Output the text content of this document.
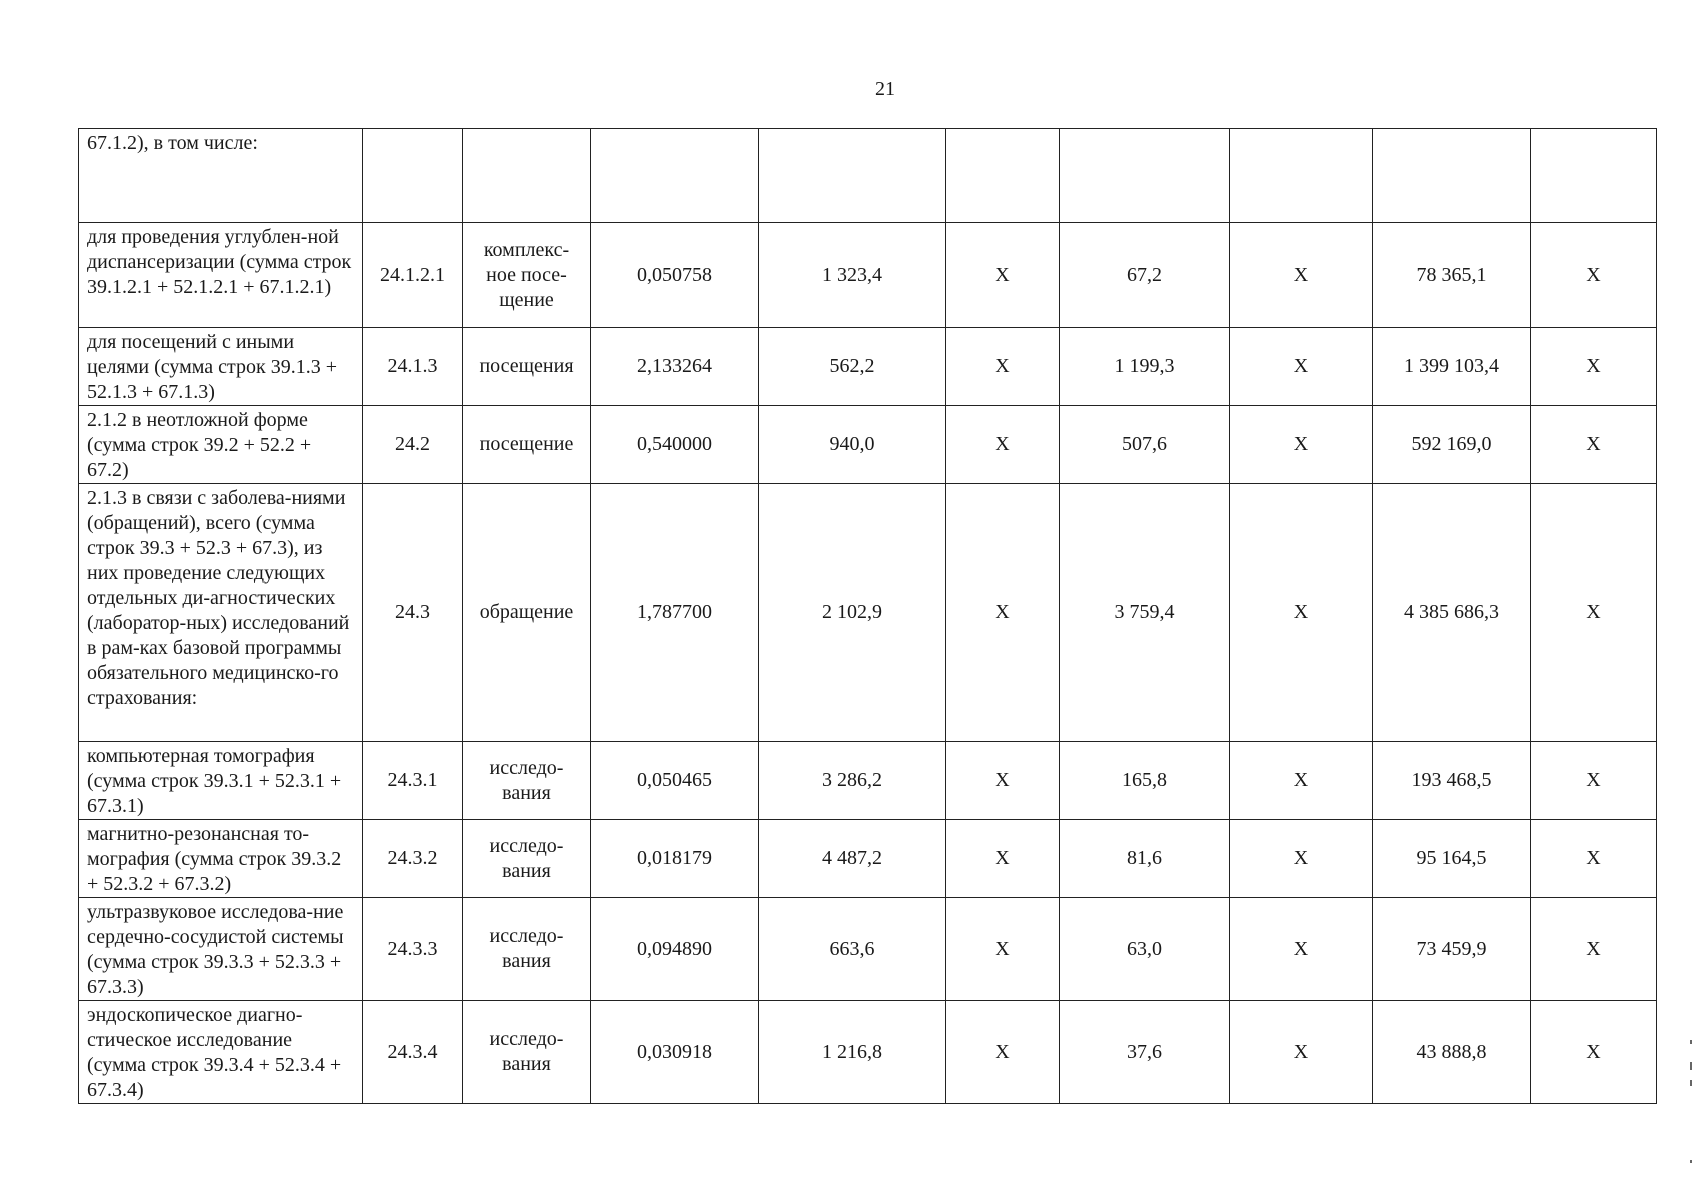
21
67.1.2), в том числе:									
для проведения углублен-ной диспансеризации (сумма строк 39.1.2.1 + 52.1.2.1 + 67.1.2.1)	24.1.2.1	комплекс-ное посе-щение	0,050758	1 323,4	Х	67,2	Х	78 365,1	Х
для посещений с иными целями (сумма строк 39.1.3 + 52.1.3 + 67.1.3)	24.1.3	посещения	2,133264	562,2	Х	1 199,3	Х	1 399 103,4	Х
2.1.2 в неотложной форме (сумма строк 39.2 + 52.2 + 67.2)	24.2	посещение	0,540000	940,0	Х	507,6	Х	592 169,0	Х
2.1.3 в связи с заболева-ниями (обращений), всего (сумма строк 39.3 + 52.3 + 67.3), из них проведение следующих отдельных ди-агностических (лаборатор-ных) исследований в рам-ках базовой программы обязательного медицинско-го страхования:	24.3	обращение	1,787700	2 102,9	Х	3 759,4	Х	4 385 686,3	Х
компьютерная томография (сумма строк 39.3.1 + 52.3.1 + 67.3.1)	24.3.1	исследо-вания	0,050465	3 286,2	Х	165,8	Х	193 468,5	Х
магнитно-резонансная то-мография (сумма строк 39.3.2 + 52.3.2 + 67.3.2)	24.3.2	исследо-вания	0,018179	4 487,2	Х	81,6	Х	95 164,5	Х
ультразвуковое исследова-ние сердечно-сосудистой системы (сумма строк 39.3.3 + 52.3.3 + 67.3.3)	24.3.3	исследо-вания	0,094890	663,6	Х	63,0	Х	73 459,9	Х
эндоскопическое диагно-стическое исследование (сумма строк 39.3.4 + 52.3.4 + 67.3.4)	24.3.4	исследо-вания	0,030918	1 216,8	Х	37,6	Х	43 888,8	Х
